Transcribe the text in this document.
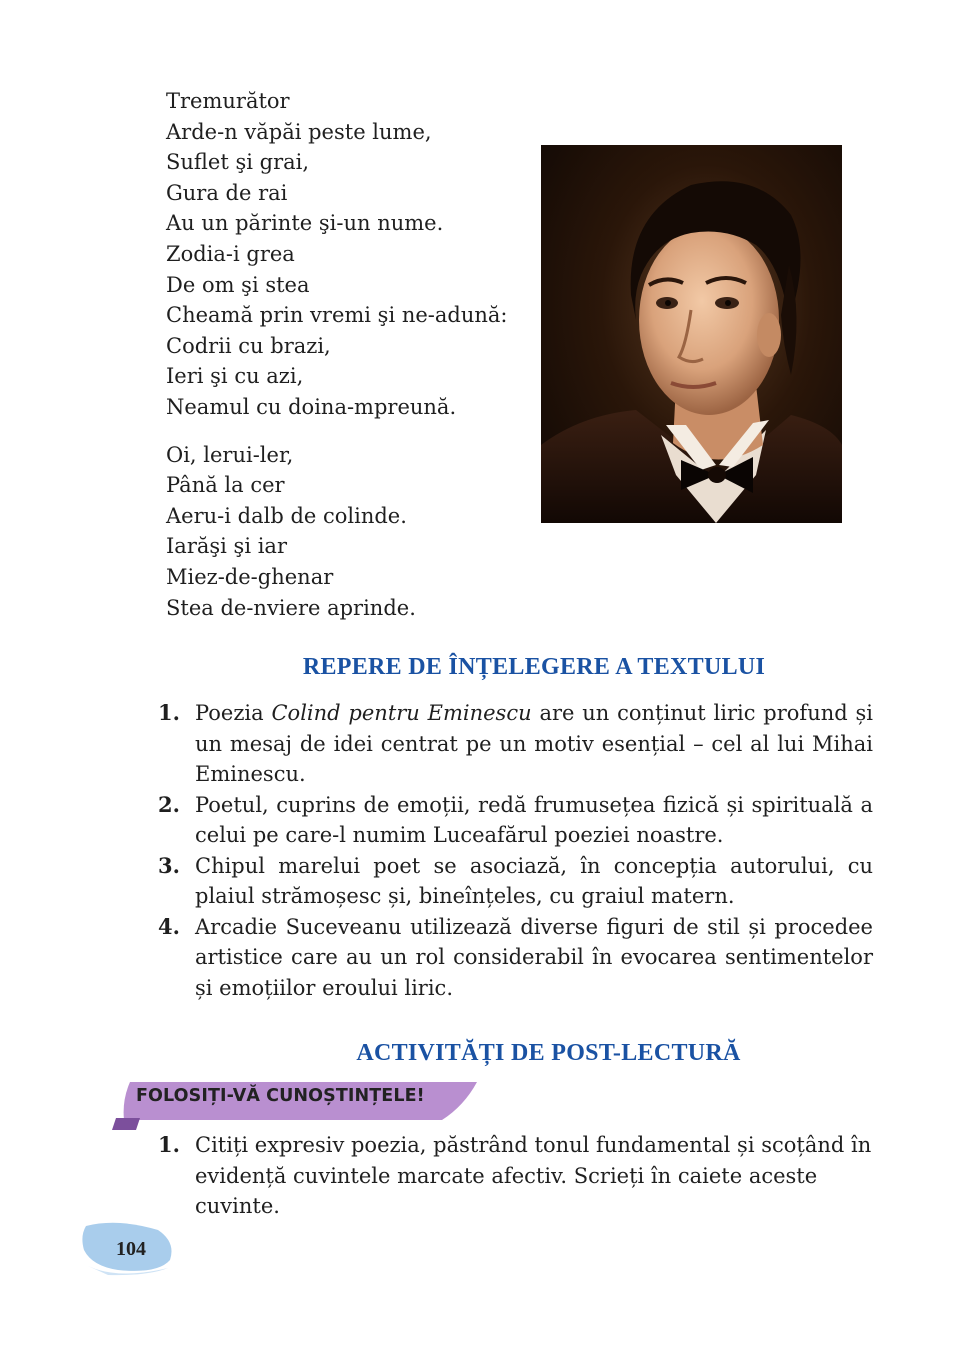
Tremurător
Arde-n văpăi peste lume,
Suflet şi grai,
Gura de rai
Au un părinte şi-un nume.
Zodia-i grea
De om şi stea
Cheamă prin vremi şi ne-adună:
Codrii cu brazi,
Ieri şi cu azi,
Neamul cu doina-mpreună.

Oi, lerui-ler,
Până la cer
Aeru-i dalb de colinde.
Iarăşi şi iar
Miez-de-ghenar
Stea de-nviere aprinde.

REPERE DE ÎNȚELEGERE A TEXTULUI
1. Poezia Colind pentru Eminescu are un conținut liric profund și un mesaj de idei centrat pe un motiv esențial – cel al lui Mihai Eminescu.
2. Poetul, cuprins de emoții, redă frumusețea fizică și spirituală a celui pe care-l numim Luceafărul poeziei noastre.
3. Chipul marelui poet se asociază, în concepția autorului, cu plaiul strămoșesc și, bineînțeles, cu graiul matern.
4. Arcadie Suceveanu utilizează diverse figuri de stil și procedee artistice care au un rol considerabil în evocarea sentimentelor și emoțiilor eroului liric.
ACTIVITĂȚI DE POST-LECTURĂ
FOLOSIȚI-VĂ CUNOȘTINȚELE!
1. Citiți expresiv poezia, păstrând tonul fundamental și scoțând în evidență cuvintele marcate afectiv. Scrieți în caiete aceste cuvinte.
104
